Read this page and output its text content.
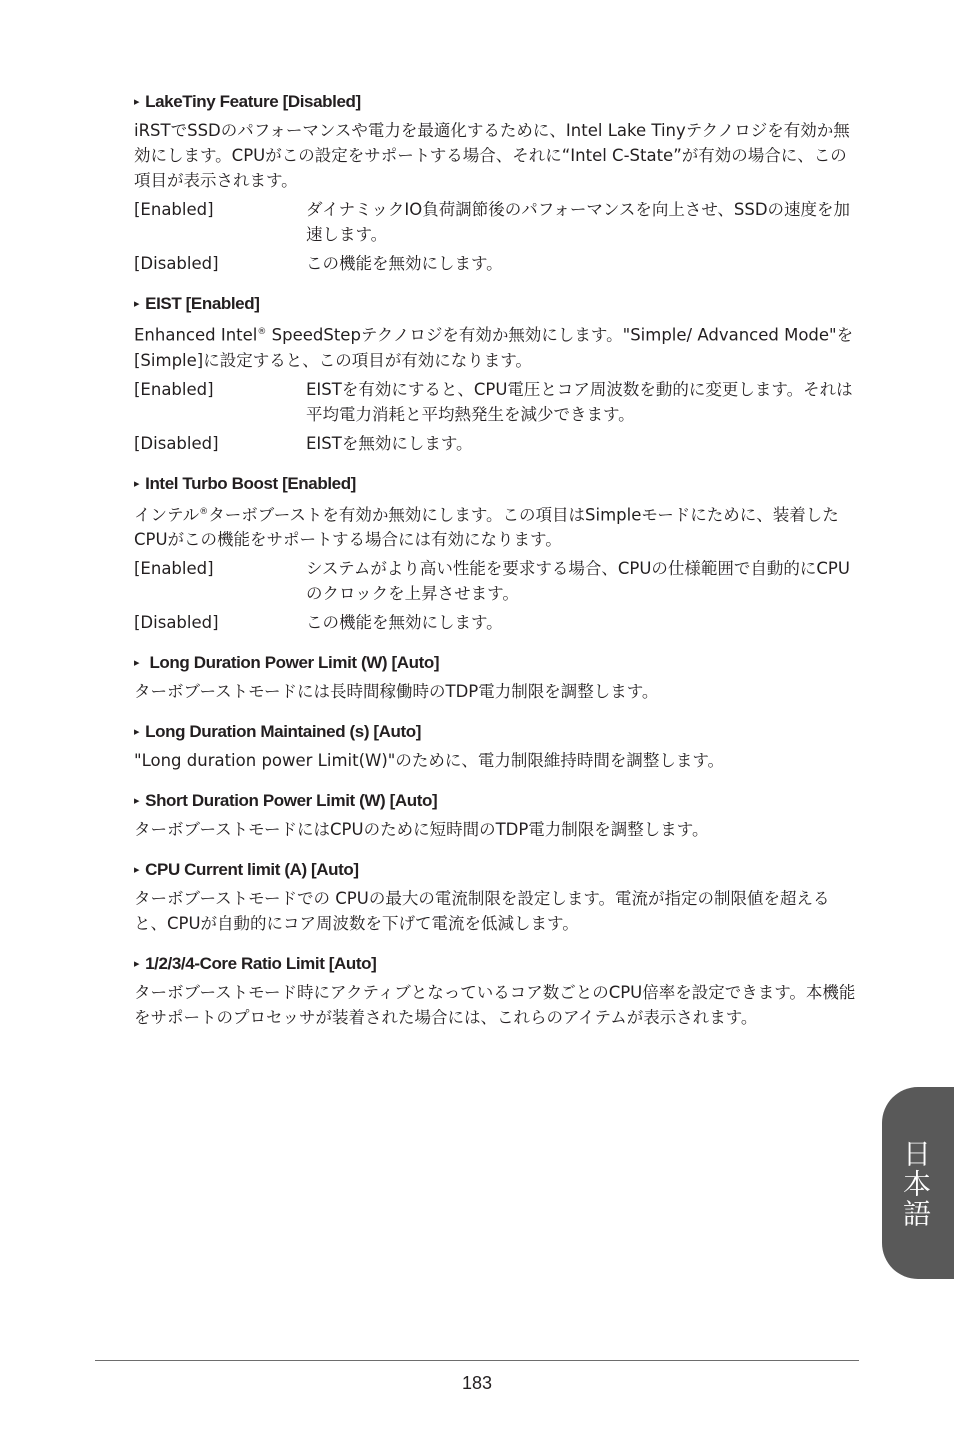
▸ LakeTiny Feature [Disabled]

iRSTでSSDのパフォーマンスや電力を最適化するために、Intel Lake Tinyテクノロジを有効か無効にします。CPUがこの設定をサポートする場合、それに“Intel C-State”が有効の場合に、この項目が表示されます。

[Enabled]	ダイナミックIO負荷調節後のパフォーマンスを向上させ、SSDの速度を加速します。
[Disabled]	この機能を無効にします。
▸ EIST [Enabled]

Enhanced Intel® SpeedStepテクノロジを有効か無効にします。"Simple/ Advanced Mode"を[Simple]に設定すると、この項目が有効になります。

[Enabled]	EISTを有効にすると、CPU電圧とコア周波数を動的に変更します。それは平均電力消耗と平均熱発生を減少できます。
[Disabled]	EISTを無効にします。
▸ Intel Turbo Boost [Enabled]

インテル®ターボブーストを有効か無効にします。この項目はSimpleモードにために、装着したCPUがこの機能をサポートする場合には有効になります。

[Enabled]	システムがより高い性能を要求する場合、CPUの仕様範囲で自動的にCPUのクロックを上昇させます。
[Disabled]	この機能を無効にします。
▸ Long Duration Power Limit (W) [Auto]

ターボブーストモードには長時間稼働時のTDP電力制限を調整します。

▸ Long Duration Maintained (s) [Auto]

"Long duration power Limit(W)"のために、電力制限維持時間を調整します。

▸ Short Duration Power Limit (W) [Auto]

ターボブーストモードにはCPUのために短時間のTDP電力制限を調整します。

▸ CPU Current limit (A) [Auto]

ターボブーストモードでの CPUの最大の電流制限を設定します。電流が指定の制限値を超えると、CPUが自動的にコア周波数を下げて電流を低減します。

▸ 1/2/3/4-Core Ratio Limit [Auto]

ターボブーストモード時にアクティブとなっているコア数ごとのCPU倍率を設定できます。本機能をサポートのプロセッサが装着された場合には、これらのアイテムが表示されます。

日本語
183
